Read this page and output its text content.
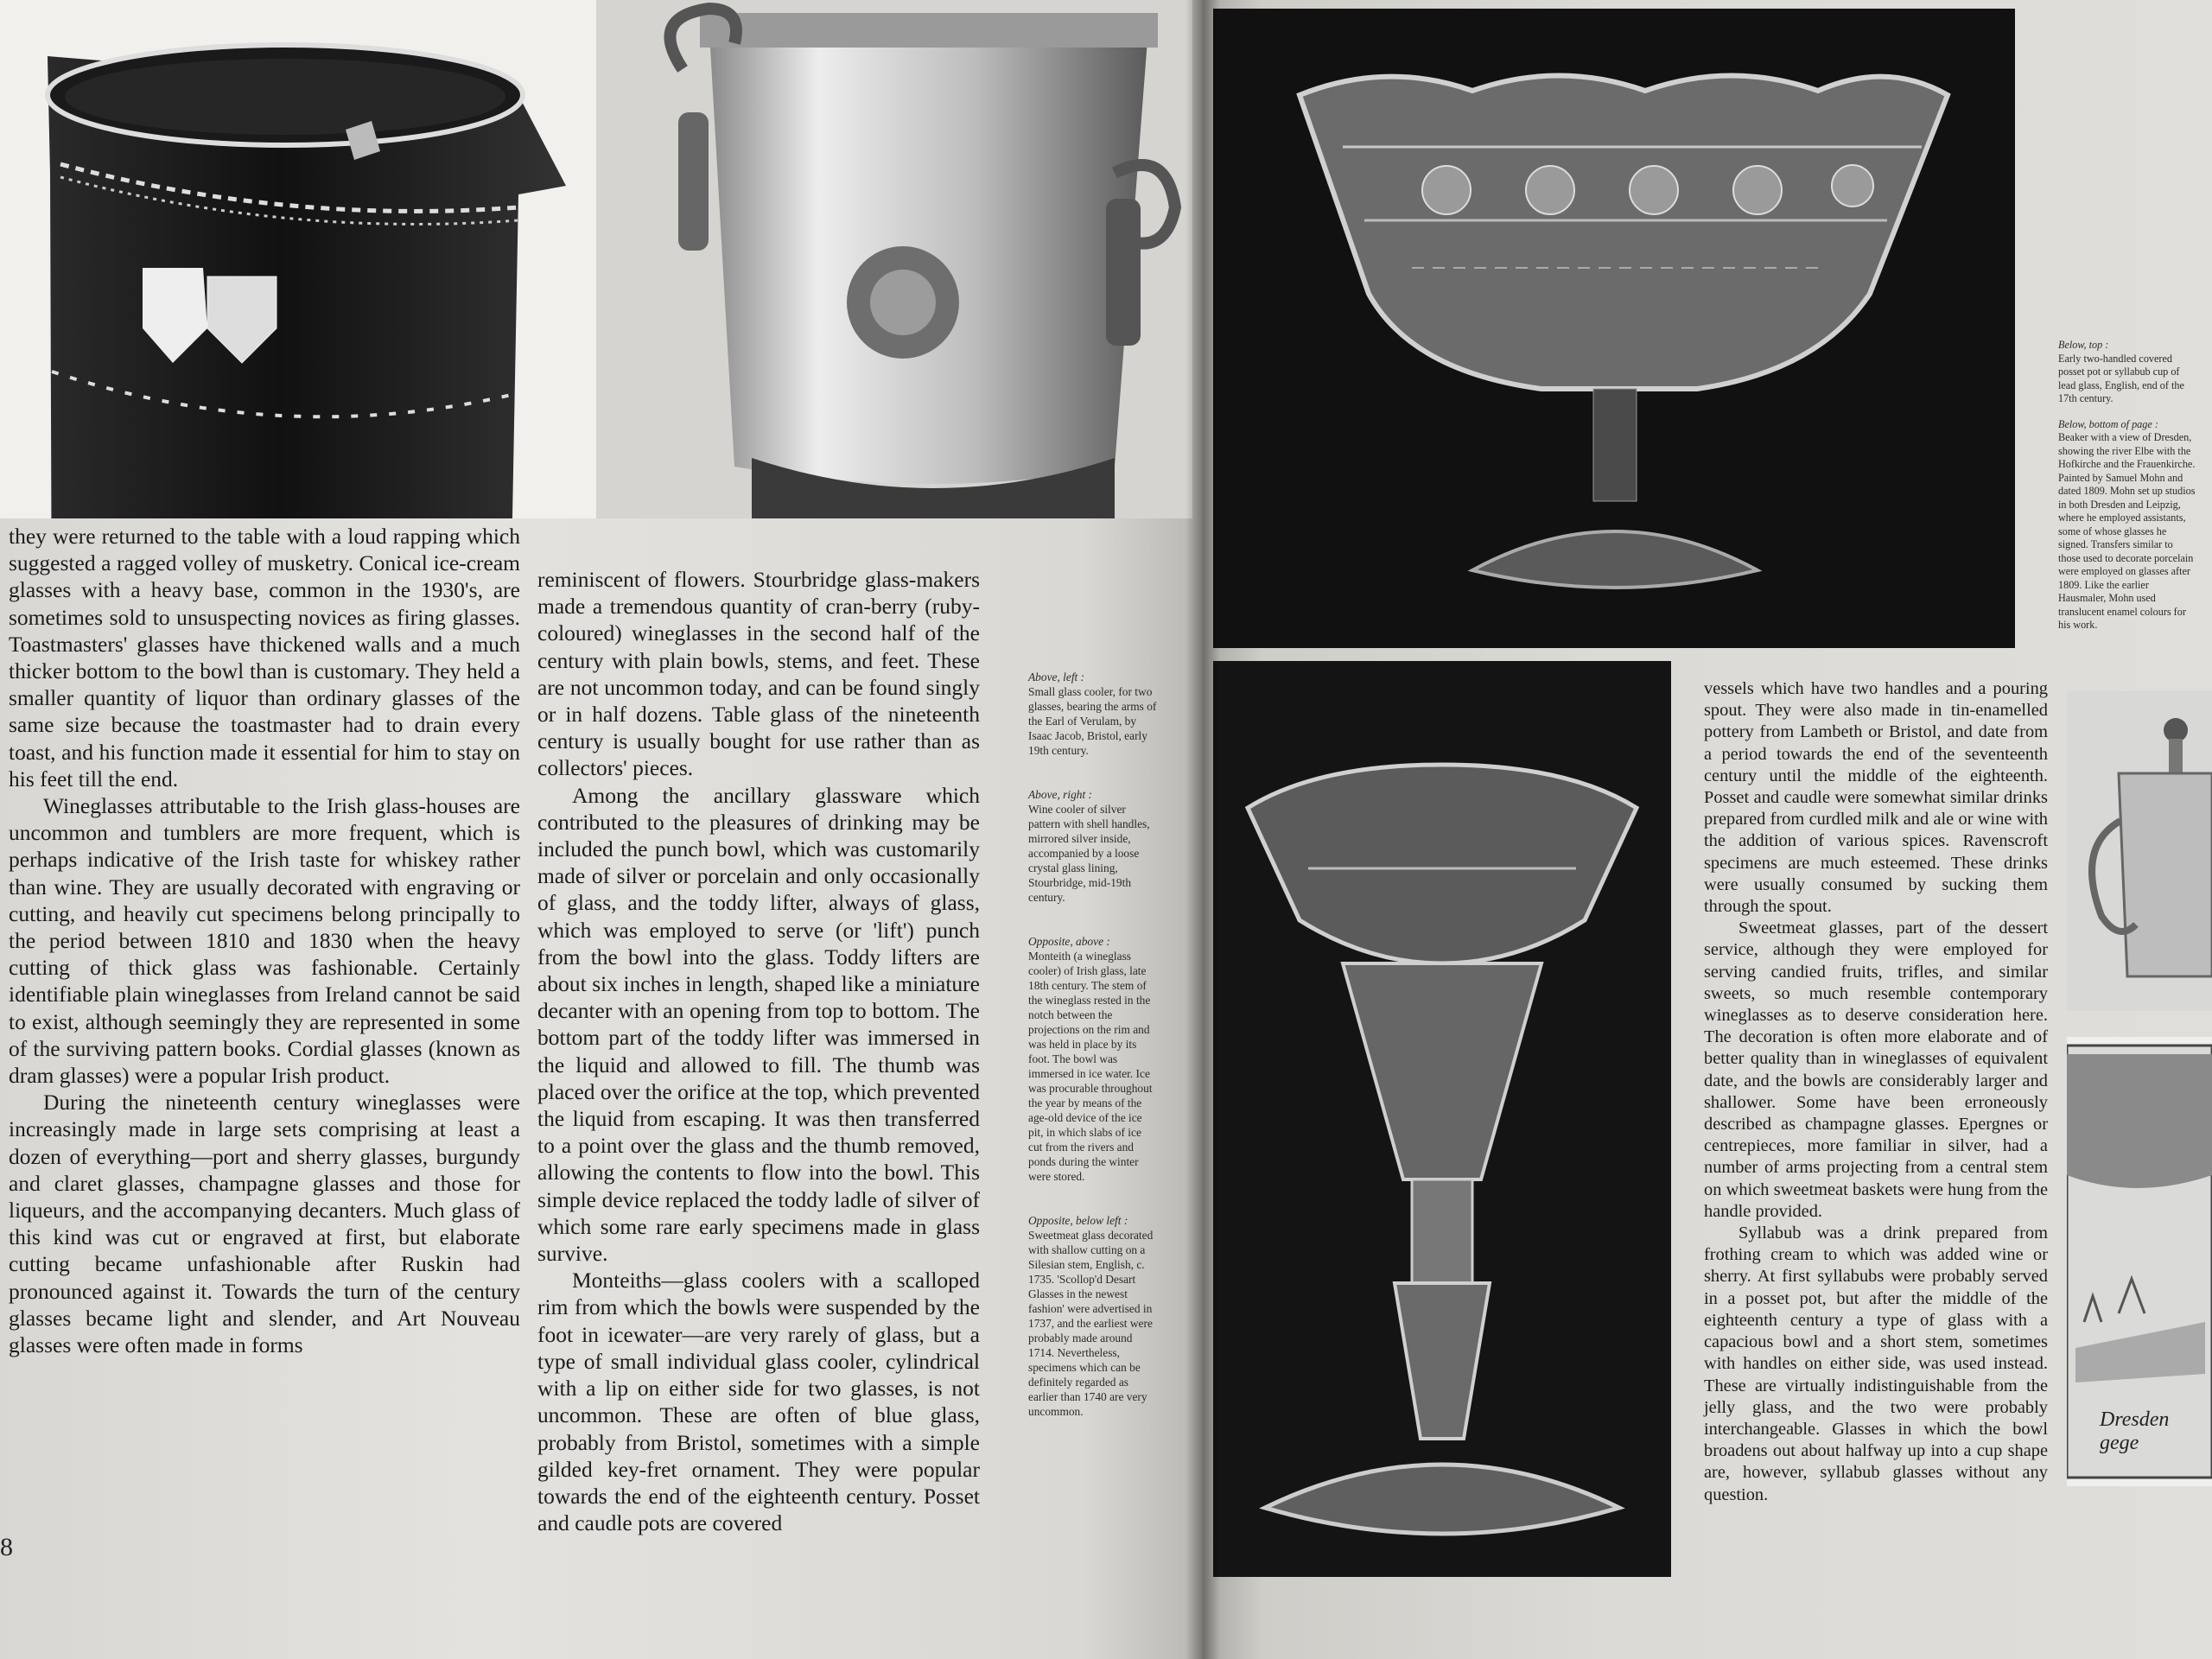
they were returned to the table with a loud rapping which suggested a ragged volley of musketry. Conical ice-cream glasses with a heavy base, common in the 1930's, are sometimes sold to unsuspecting novices as firing glasses. Toastmasters' glasses have thickened walls and a much thicker bottom to the bowl than is customary. They held a smaller quantity of liquor than ordinary glasses of the same size because the toastmaster had to drain every toast, and his function made it essential for him to stay on his feet till the end.

Wineglasses attributable to the Irish glass-houses are uncommon and tumblers are more frequent, which is perhaps indicative of the Irish taste for whiskey rather than wine. They are usually decorated with engraving or cutting, and heavily cut specimens belong principally to the period between 1810 and 1830 when the heavy cutting of thick glass was fashionable. Certainly identifiable plain wineglasses from Ireland cannot be said to exist, although seemingly they are represented in some of the surviving pattern books. Cordial glasses (known as dram glasses) were a popular Irish product.

During the nineteenth century wineglasses were increasingly made in large sets comprising at least a dozen of everything—port and sherry glasses, burgundy and claret glasses, champagne glasses and those for liqueurs, and the accompanying decanters. Much glass of this kind was cut or engraved at first, but elaborate cutting became unfashionable after Ruskin had pronounced against it. Towards the turn of the century glasses became light and slender, and Art Nouveau glasses were often made in forms

reminiscent of flowers. Stourbridge glass-makers made a tremendous quantity of cran-berry (ruby-coloured) wineglasses in the second half of the century with plain bowls, stems, and feet. These are not uncommon today, and can be found singly or in half dozens. Table glass of the nineteenth century is usually bought for use rather than as collectors' pieces.

Among the ancillary glassware which contributed to the pleasures of drinking may be included the punch bowl, which was customarily made of silver or porcelain and only occasionally of glass, and the toddy lifter, always of glass, which was employed to serve (or 'lift') punch from the bowl into the glass. Toddy lifters are about six inches in length, shaped like a miniature decanter with an opening from top to bottom. The bottom part of the toddy lifter was immersed in the liquid and allowed to fill. The thumb was placed over the orifice at the top, which prevented the liquid from escaping. It was then transferred to a point over the glass and the thumb removed, allowing the contents to flow into the bowl. This simple device replaced the toddy ladle of silver of which some rare early specimens made in glass survive.

Monteiths—glass coolers with a scalloped rim from which the bowls were suspended by the foot in icewater—are very rarely of glass, but a type of small individual glass cooler, cylindrical with a lip on either side for two glasses, is not uncommon. These are often of blue glass, probably from Bristol, sometimes with a simple gilded key-fret ornament. They were popular towards the end of the eighteenth century. Posset and caudle pots are covered

Above, left :
Small glass cooler, for two glasses, bearing the arms of the Earl of Verulam, by Isaac Jacob, Bristol, early 19th century.

Above, right :
Wine cooler of silver pattern with shell handles, mirrored silver inside, accompanied by a loose crystal glass lining, Stourbridge, mid-19th century.

Opposite, above :
Monteith (a wineglass cooler) of Irish glass, late 18th century. The stem of the wineglass rested in the notch between the projections on the rim and was held in place by its foot. The bowl was immersed in ice water. Ice was procurable throughout the year by means of the age-old device of the ice pit, in which slabs of ice cut from the rivers and ponds during the winter were stored.

Opposite, below left :
Sweetmeat glass decorated with shallow cutting on a Silesian stem, English, c. 1735. 'Scollop'd Desart Glasses in the newest fashion' were advertised in 1737, and the earliest were probably made around 1714. Nevertheless, specimens which can be definitely regarded as earlier than 1740 are very uncommon.

8

vessels which have two handles and a pouring spout. They were also made in tin-enamelled pottery from Lambeth or Bristol, and date from a period towards the end of the seventeenth century until the middle of the eighteenth. Posset and caudle were somewhat similar drinks prepared from curdled milk and ale or wine with the addition of various spices. Ravenscroft specimens are much esteemed. These drinks were usually consumed by sucking them through the spout.

Sweetmeat glasses, part of the dessert service, although they were employed for serving candied fruits, trifles, and similar sweets, so much resemble contemporary wineglasses as to deserve consideration here. The decoration is often more elaborate and of better quality than in wineglasses of equivalent date, and the bowls are considerably larger and shallower. Some have been erroneously described as champagne glasses. Epergnes or centrepieces, more familiar in silver, had a number of arms projecting from a central stem on which sweetmeat baskets were hung from the handle provided.

Syllabub was a drink prepared from frothing cream to which was added wine or sherry. At first syllabubs were probably served in a posset pot, but after the middle of the eighteenth century a type of glass with a capacious bowl and a short stem, sometimes with handles on either side, was used instead. These are virtually indistinguishable from the jelly glass, and the two were probably interchangeable. Glasses in which the bowl broadens out about halfway up into a cup shape are, however, syllabub glasses without any question.

Below, top :
Early two-handled covered posset pot or syllabub cup of lead glass, English, end of the 17th century.

Below, bottom of page :
Beaker with a view of Dresden, showing the river Elbe with the Hofkirche and the Frauenkirche. Painted by Samuel Mohn and dated 1809. Mohn set up studios in both Dresden and Leipzig, where he employed assistants, some of whose glasses he signed. Transfers similar to those used to decorate porcelain were employed on glasses after 1809. Like the earlier Hausmaler, Mohn used translucent enamel colours for his work.

Dresden gege
